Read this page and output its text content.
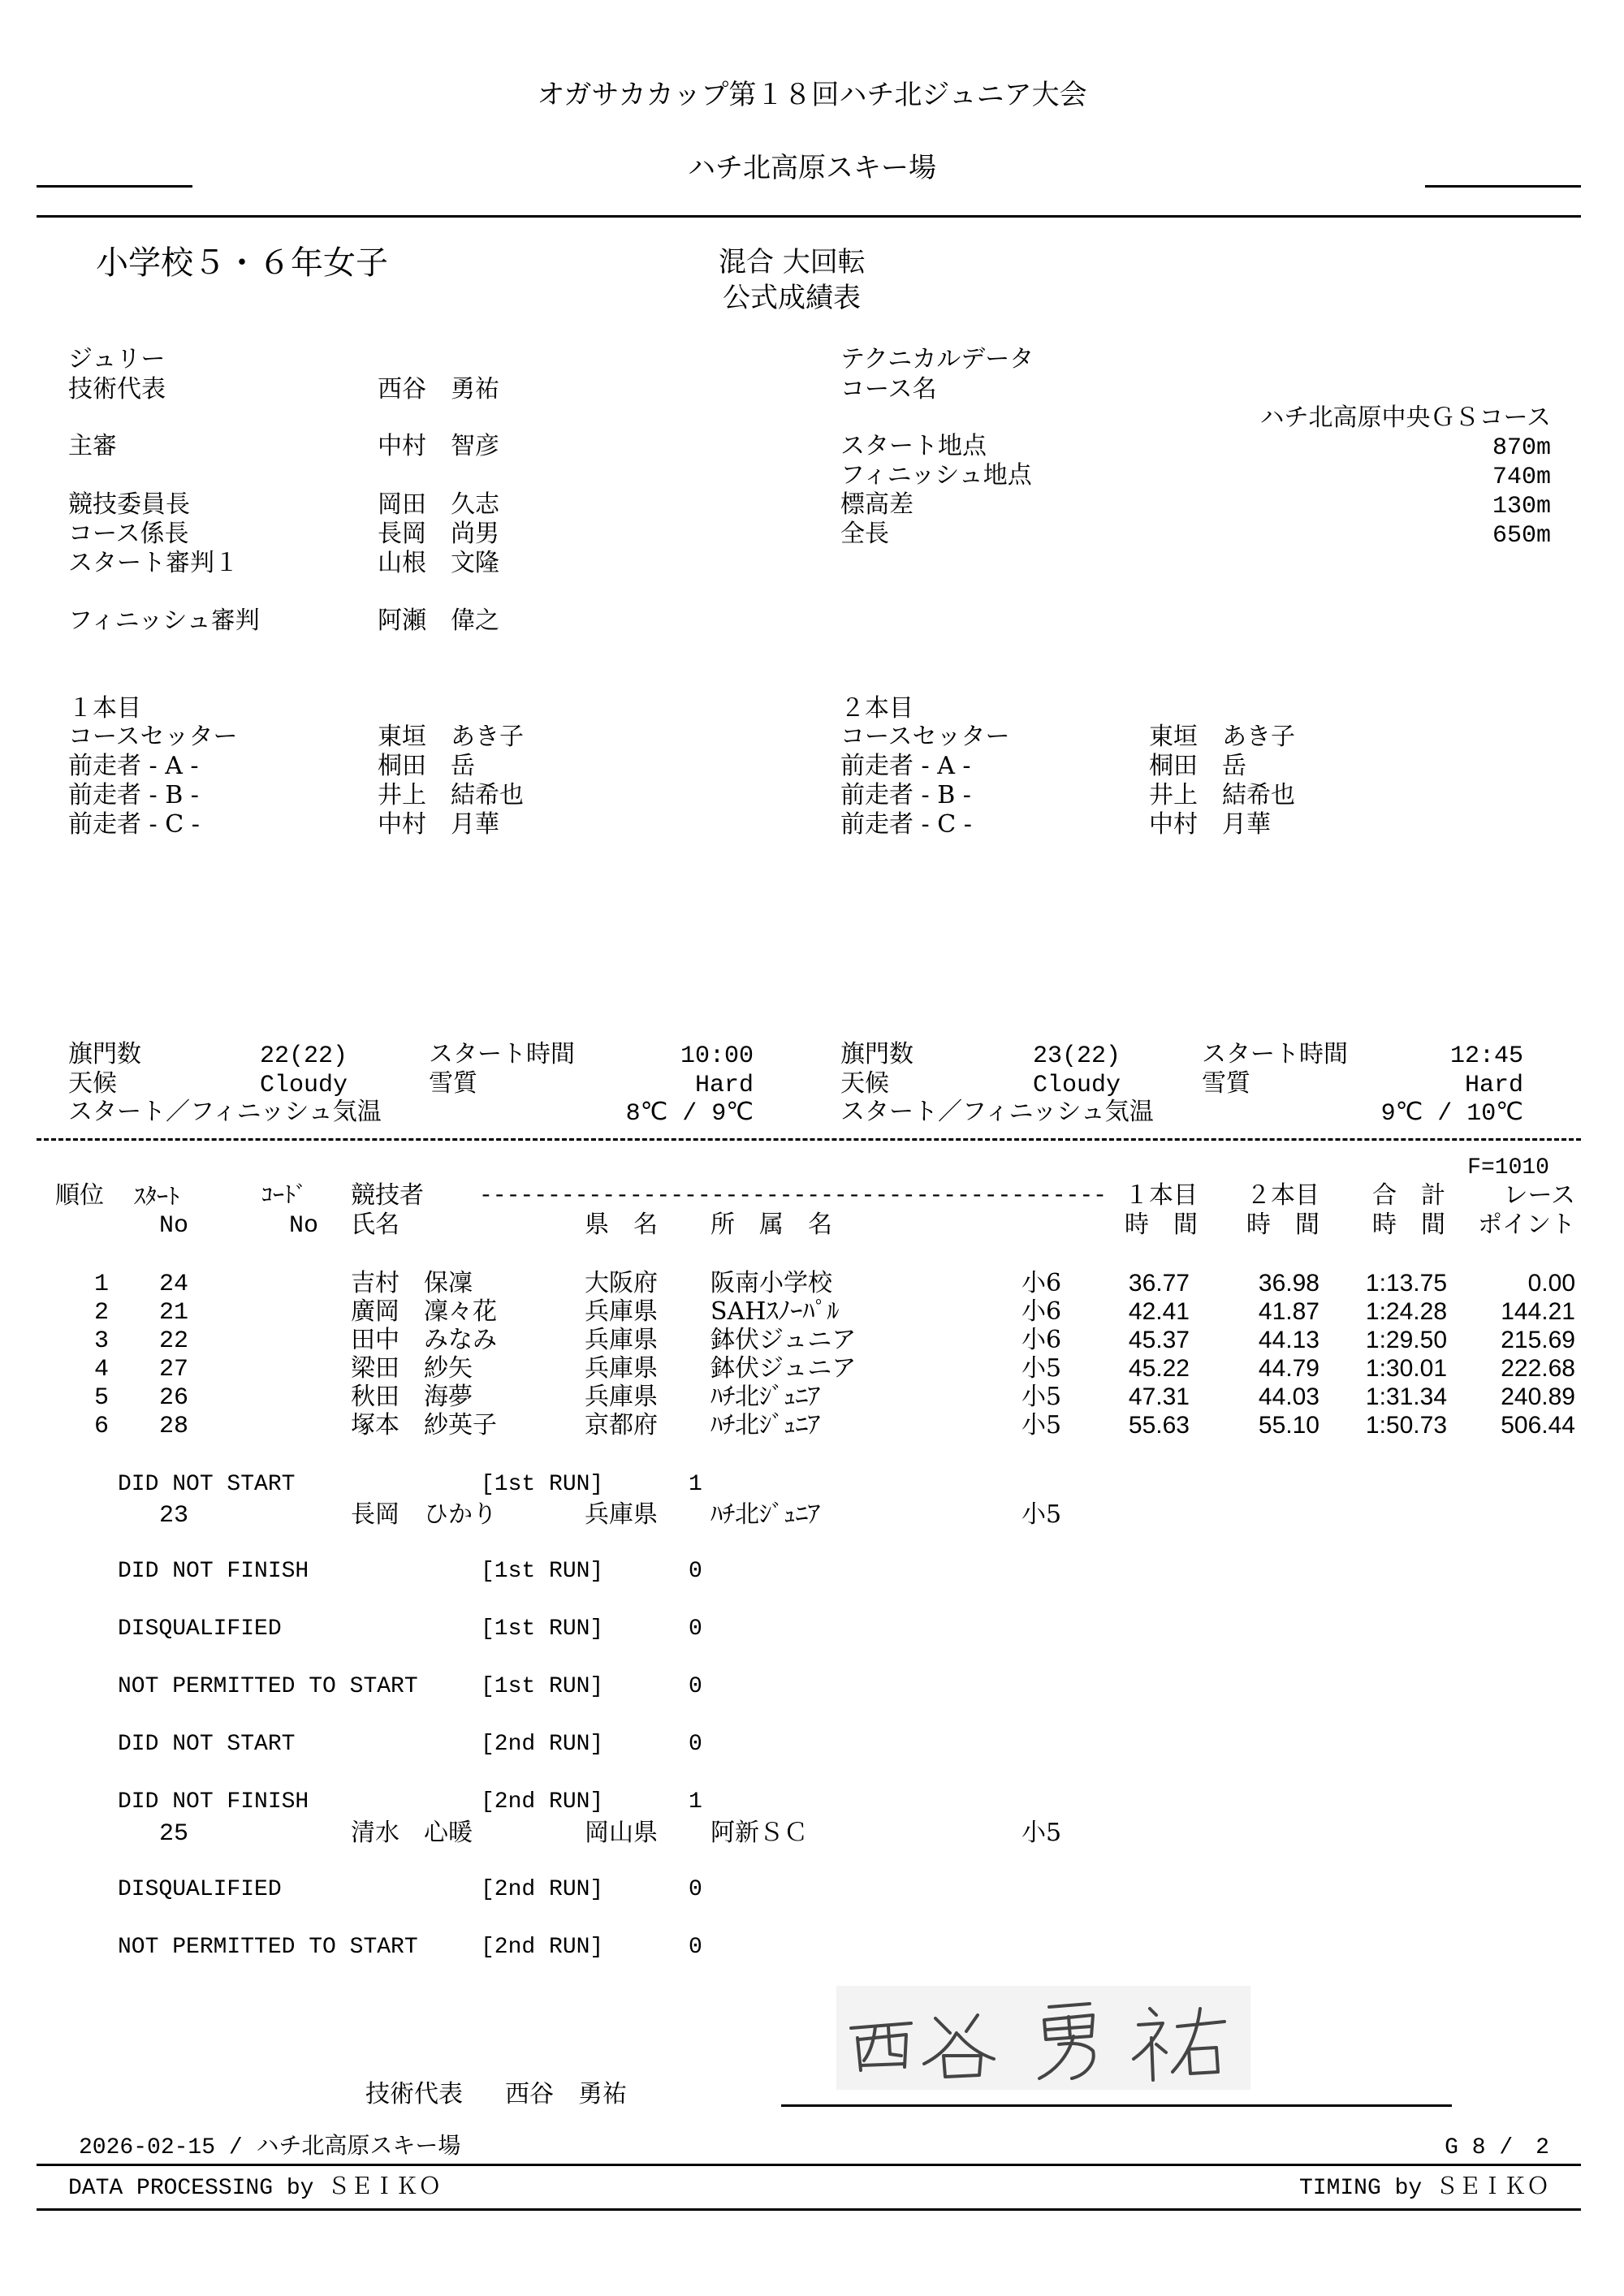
オガサカカップ第１８回ハチ北ジュニア大会
ハチ北高原スキー場
小学校５・６年女子	混合 大回転
公式成績表
ジュリー
技術代表	西谷　勇祐
主審	中村　智彦
競技委員長	岡田　久志
コース係長	長岡　尚男
スタート審判１	山根　文隆
フィニッシュ審判	阿瀬　偉之
テクニカルデータ
コース名
ハチ北高原中央ＧＳコース
スタート地点	870m
フィニッシュ地点	740m
標高差	130m
全長	650m
１本目
コースセッター	東垣　あき子
前走者 - A -	桐田　岳
前走者 - B -	井上　結希也
前走者 - C -	中村　月華
２本目
コースセッター	東垣　あき子
前走者 - A -	桐田　岳
前走者 - B -	井上　結希也
前走者 - C -	中村　月華
旗門数	22(22)	スタート時間	10:00
天候	Cloudy	雪質	Hard
スタート／フィニッシュ気温	8℃ / 9℃
旗門数	23(22)	スタート時間	12:45
天候	Cloudy	雪質	Hard
スタート／フィニッシュ気温	9℃ / 10℃
F=1010
順位 ｽﾀｰﾄ
No
ｺｰﾄﾞ
No
競技者 ----------------------------------------------
氏名	県　名 所　属　名
１本目
時　間
２本目
時　間
合　計
時　間
レース
ポイント
1 24	吉村　保凜	大阪府 阪南小学校	小6	36.77	36.98	1:13.75	0.00
2 21	廣岡　凜々花	兵庫県 SAHｽﾉｰﾊﾟﾙ	小6	42.41	41.87	1:24.28	144.21
3 22	田中　みなみ	兵庫県 鉢伏ジュニア	小6	45.37	44.13	1:29.50	215.69
4 27	梁田　紗矢	兵庫県 鉢伏ジュニア	小5	45.22	44.79	1:30.01	222.68
5 26	秋田　海夢	兵庫県 ﾊﾁ北ｼﾞｭﾆｱ	小5	47.31	44.03	1:31.34	240.89
6 28	塚本　紗英子	京都府 ﾊﾁ北ｼﾞｭﾆｱ	小5	55.63	55.10	1:50.73	506.44
DID NOT START	[1st RUN]	1
23	長岡　ひかり	兵庫県 ﾊﾁ北ｼﾞｭﾆｱ	小5
DID NOT FINISH	[1st RUN]	0
DISQUALIFIED	[1st RUN]	0
NOT PERMITTED TO START	[1st RUN]	0
DID NOT START	[2nd RUN]	0
DID NOT FINISH	[2nd RUN]	1
25	清水　心暖	岡山県 阿新ＳＣ	小5
DISQUALIFIED	[2nd RUN]	0
NOT PERMITTED TO START	[2nd RUN]	0
技術代表 西谷　勇祐
2026-02-15 / ハチ北高原スキー場	G 8 /　2
DATA PROCESSING by ＳＥＩＫＯ	TIMING by ＳＥＩＫＯ
